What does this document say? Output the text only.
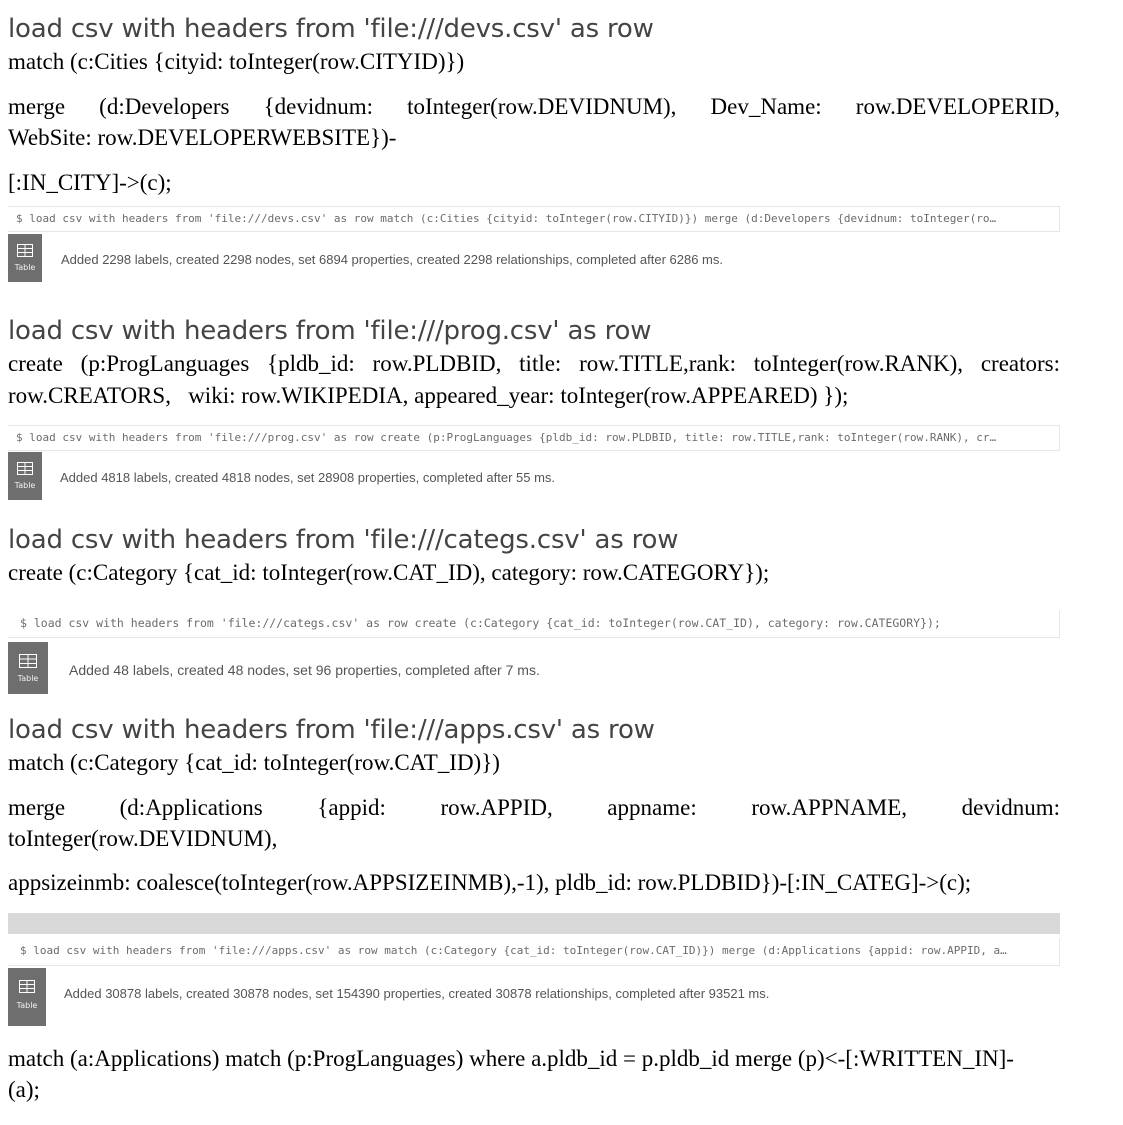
load csv with headers from 'file:///devs.csv' as row
match (c:Cities {cityid: toInteger(row.CITYID)})
merge (d:Developers {devidnum: toInteger(row.DEVIDNUM), Dev_Name: row.DEVELOPERID,
WebSite: row.DEVELOPERWEBSITE})-
[:IN_CITY]->(c);
$ load csv with headers from 'file:///devs.csv' as row match (c:Cities {cityid: toInteger(row.CITYID)}) merge (d:Developers {devidnum: toInteger(ro…
Table
Added 2298 labels, created 2298 nodes, set 6894 properties, created 2298 relationships, completed after 6286 ms.
load csv with headers from 'file:///prog.csv' as row
create (p:ProgLanguages {pldb_id: row.PLDBID, title: row.TITLE,rank: toInteger(row.RANK), creators:
row.CREATORS,   wiki: row.WIKIPEDIA, appeared_year: toInteger(row.APPEARED) });
$ load csv with headers from 'file:///prog.csv' as row create (p:ProgLanguages {pldb_id: row.PLDBID, title: row.TITLE,rank: toInteger(row.RANK), cr…
Table
Added 4818 labels, created 4818 nodes, set 28908 properties, completed after 55 ms.
load csv with headers from 'file:///categs.csv' as row
create (c:Category {cat_id: toInteger(row.CAT_ID), category: row.CATEGORY});
$ load csv with headers from 'file:///categs.csv' as row create (c:Category {cat_id: toInteger(row.CAT_ID), category: row.CATEGORY});
Table
Added 48 labels, created 48 nodes, set 96 properties, completed after 7 ms.
load csv with headers from 'file:///apps.csv' as row
match (c:Category {cat_id: toInteger(row.CAT_ID)})
merge (d:Applications {appid: row.APPID, appname: row.APPNAME, devidnum:
toInteger(row.DEVIDNUM),
appsizeinmb: coalesce(toInteger(row.APPSIZEINMB),-1), pldb_id: row.PLDBID})-[:IN_CATEG]->(c);
$ load csv with headers from 'file:///apps.csv' as row match (c:Category {cat_id: toInteger(row.CAT_ID)}) merge (d:Applications {appid: row.APPID, a…
Table
Added 30878 labels, created 30878 nodes, set 154390 properties, created 30878 relationships, completed after 93521 ms.
match (a:Applications) match (p:ProgLanguages) where a.pldb_id = p.pldb_id merge (p)<-[:WRITTEN_IN]-
(a);
